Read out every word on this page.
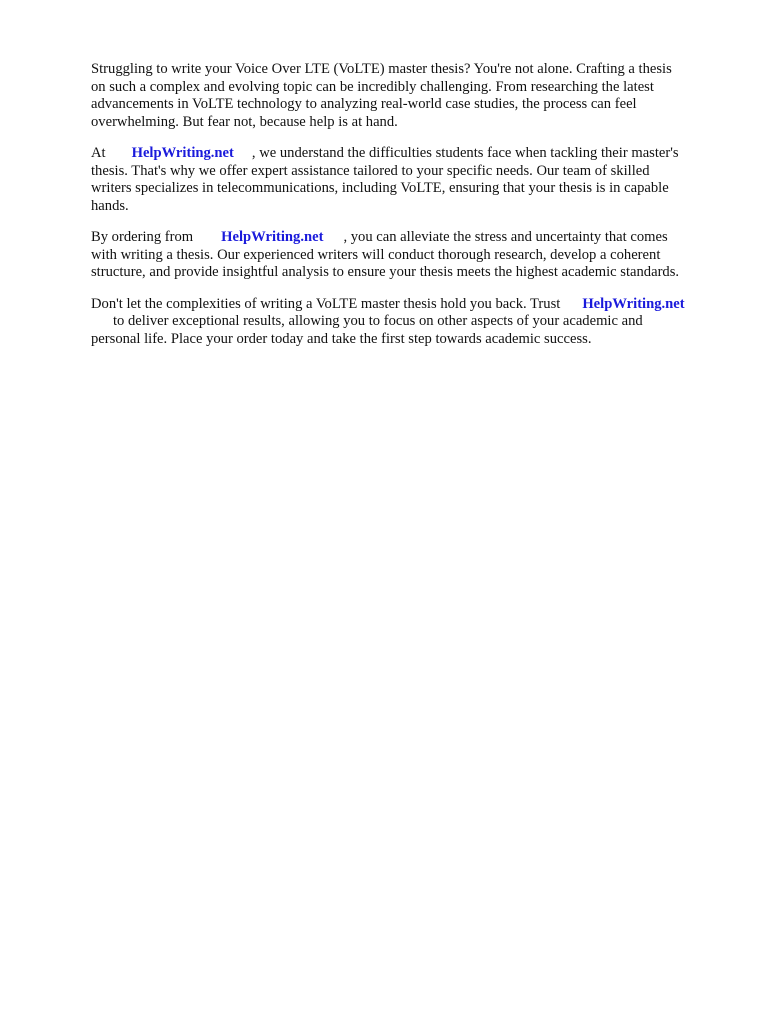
Struggling to write your Voice Over LTE (VoLTE) master thesis? You're not alone. Crafting a thesis
on such a complex and evolving topic can be incredibly challenging. From researching the latest
advancements in VoLTE technology to analyzing real-world case studies, the process can feel
overwhelming. But fear not, because help is at hand.

At HelpWriting.net , we understand the difficulties students face when tackling their master's
thesis. That's why we offer expert assistance tailored to your specific needs. Our team of skilled
writers specializes in telecommunications, including VoLTE, ensuring that your thesis is in capable
hands.

By ordering from HelpWriting.net , you can alleviate the stress and uncertainty that comes
with writing a thesis. Our experienced writers will conduct thorough research, develop a coherent
structure, and provide insightful analysis to ensure your thesis meets the highest academic standards.

Don't let the complexities of writing a VoLTE master thesis hold you back. Trust HelpWriting.net
to deliver exceptional results, allowing you to focus on other aspects of your academic and
personal life. Place your order today and take the first step towards academic success.
